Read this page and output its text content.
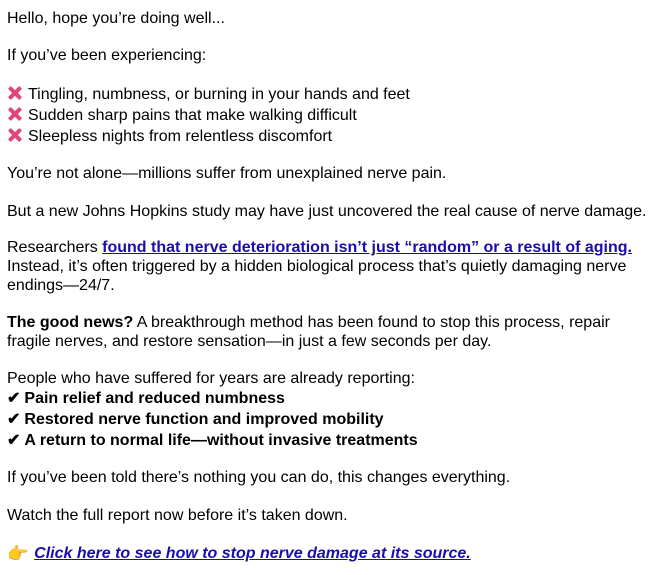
Hello, hope you’re doing well...
If you’ve been experiencing:
Tingling, numbness, or burning in your hands and feet
Sudden sharp pains that make walking difficult
Sleepless nights from relentless discomfort
You’re not alone—millions suffer from unexplained nerve pain.
But a new Johns Hopkins study may have just uncovered the real cause of nerve damage.
Researchers found that nerve deterioration isn’t just “random” or a result of aging. Instead, it’s often triggered by a hidden biological process that’s quietly damaging nerve endings—24/7.
The good news? A breakthrough method has been found to stop this process, repair fragile nerves, and restore sensation—in just a few seconds per day.
People who have suffered for years are already reporting:
✔ Pain relief and reduced numbness
✔ Restored nerve function and improved mobility
✔ A return to normal life—without invasive treatments
If you’ve been told there’s nothing you can do, this changes everything.
Watch the full report now before it’s taken down.
👉 Click here to see how to stop nerve damage at its source.
